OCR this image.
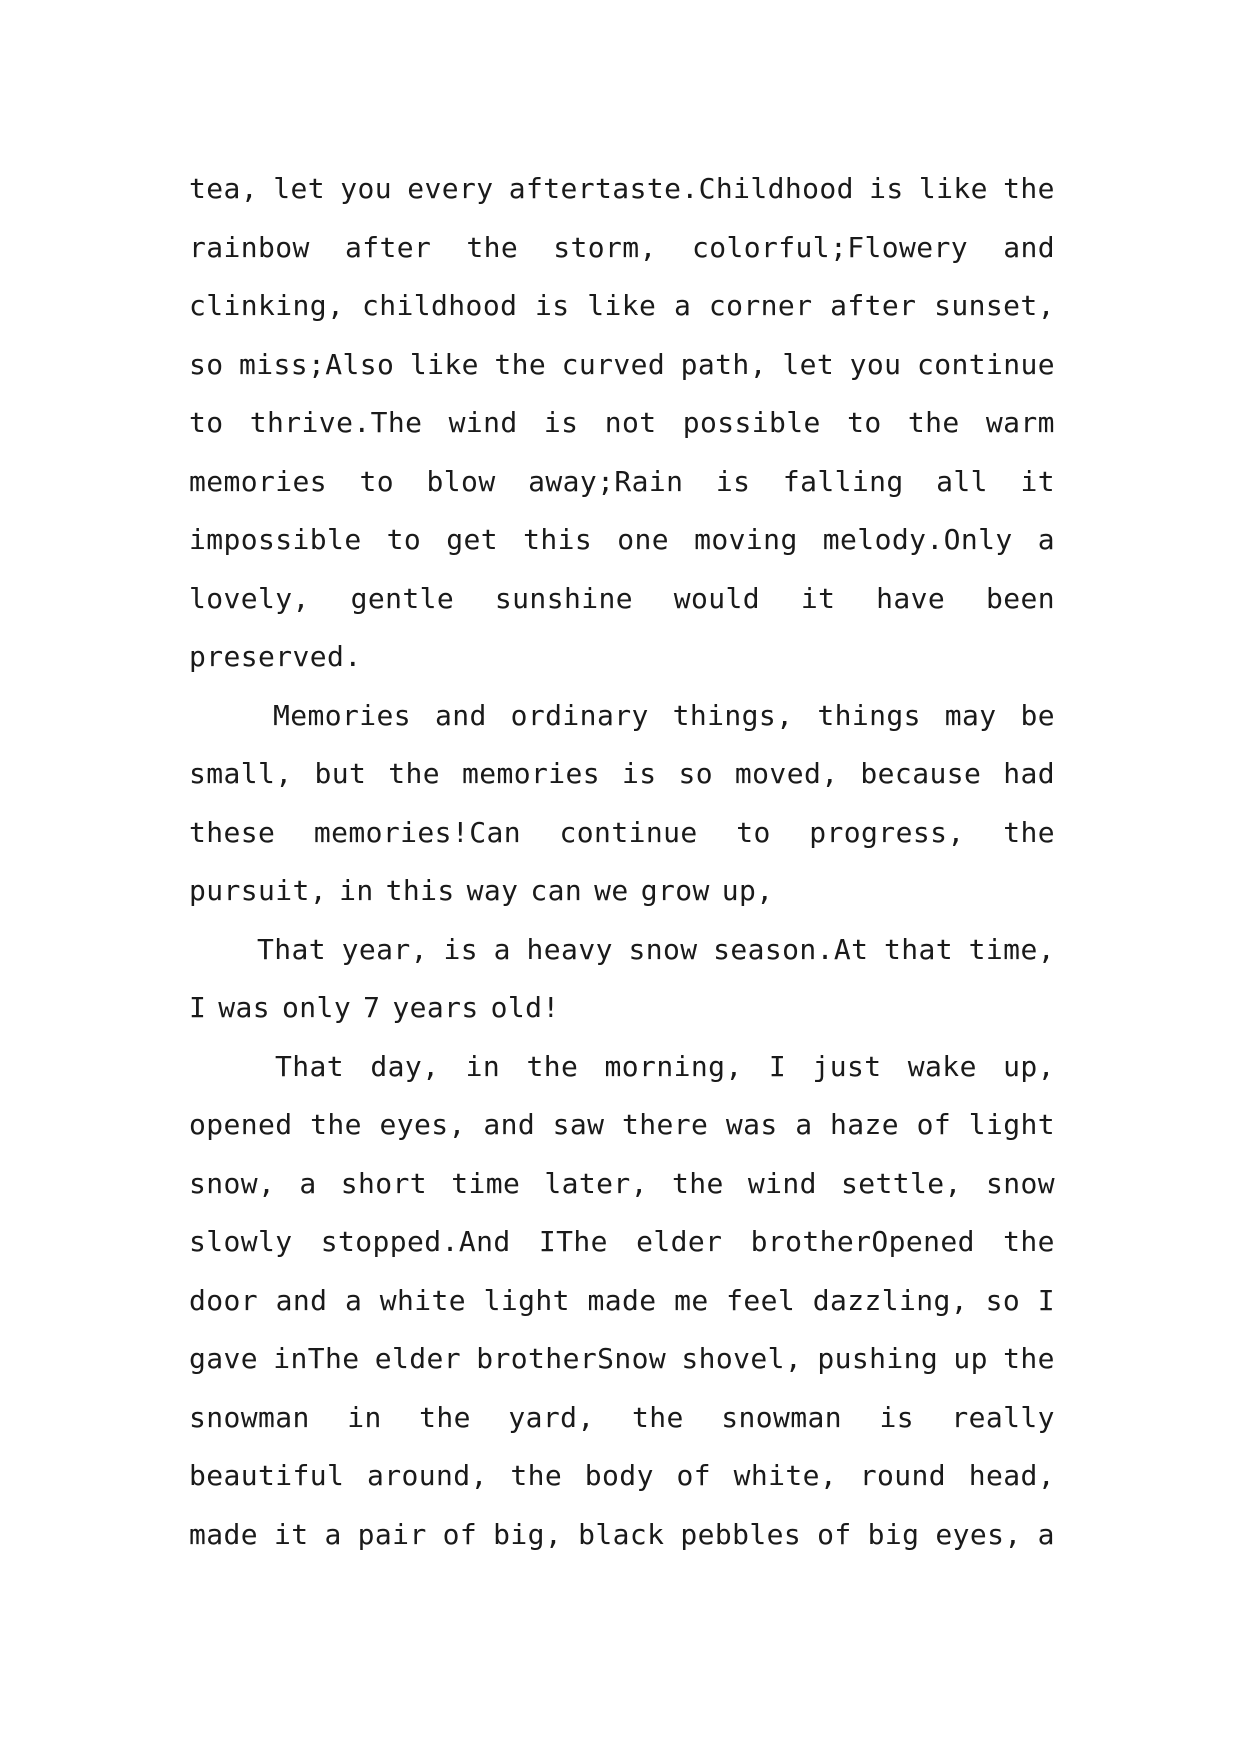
tea, let you every aftertaste.Childhood is like the
rainbow after the storm, colorful;Flowery and
clinking, childhood is like a corner after sunset,
so miss;Also like the curved path, let you continue
to thrive.The wind is not possible to the warm
memories to blow away;Rain is falling all it
impossible to get this one moving melody.Only a
lovely, gentle sunshine would it have been
preserved.
Memories and ordinary things, things may be
small, but the memories is so moved, because had
these memories!Can continue to progress, the
pursuit, in this way can we grow up,
That year, is a heavy snow season.At that time,
I was only 7 years old!
That day, in the morning, I just wake up,
opened the eyes, and saw there was a haze of light
snow, a short time later, the wind settle, snow
slowly stopped.And IThe elder brotherOpened the
door and a white light made me feel dazzling, so I
gave inThe elder brotherSnow shovel, pushing up the
snowman in the yard, the snowman is really
beautiful around, the body of white, round head,
made it a pair of big, black pebbles of big eyes, a
